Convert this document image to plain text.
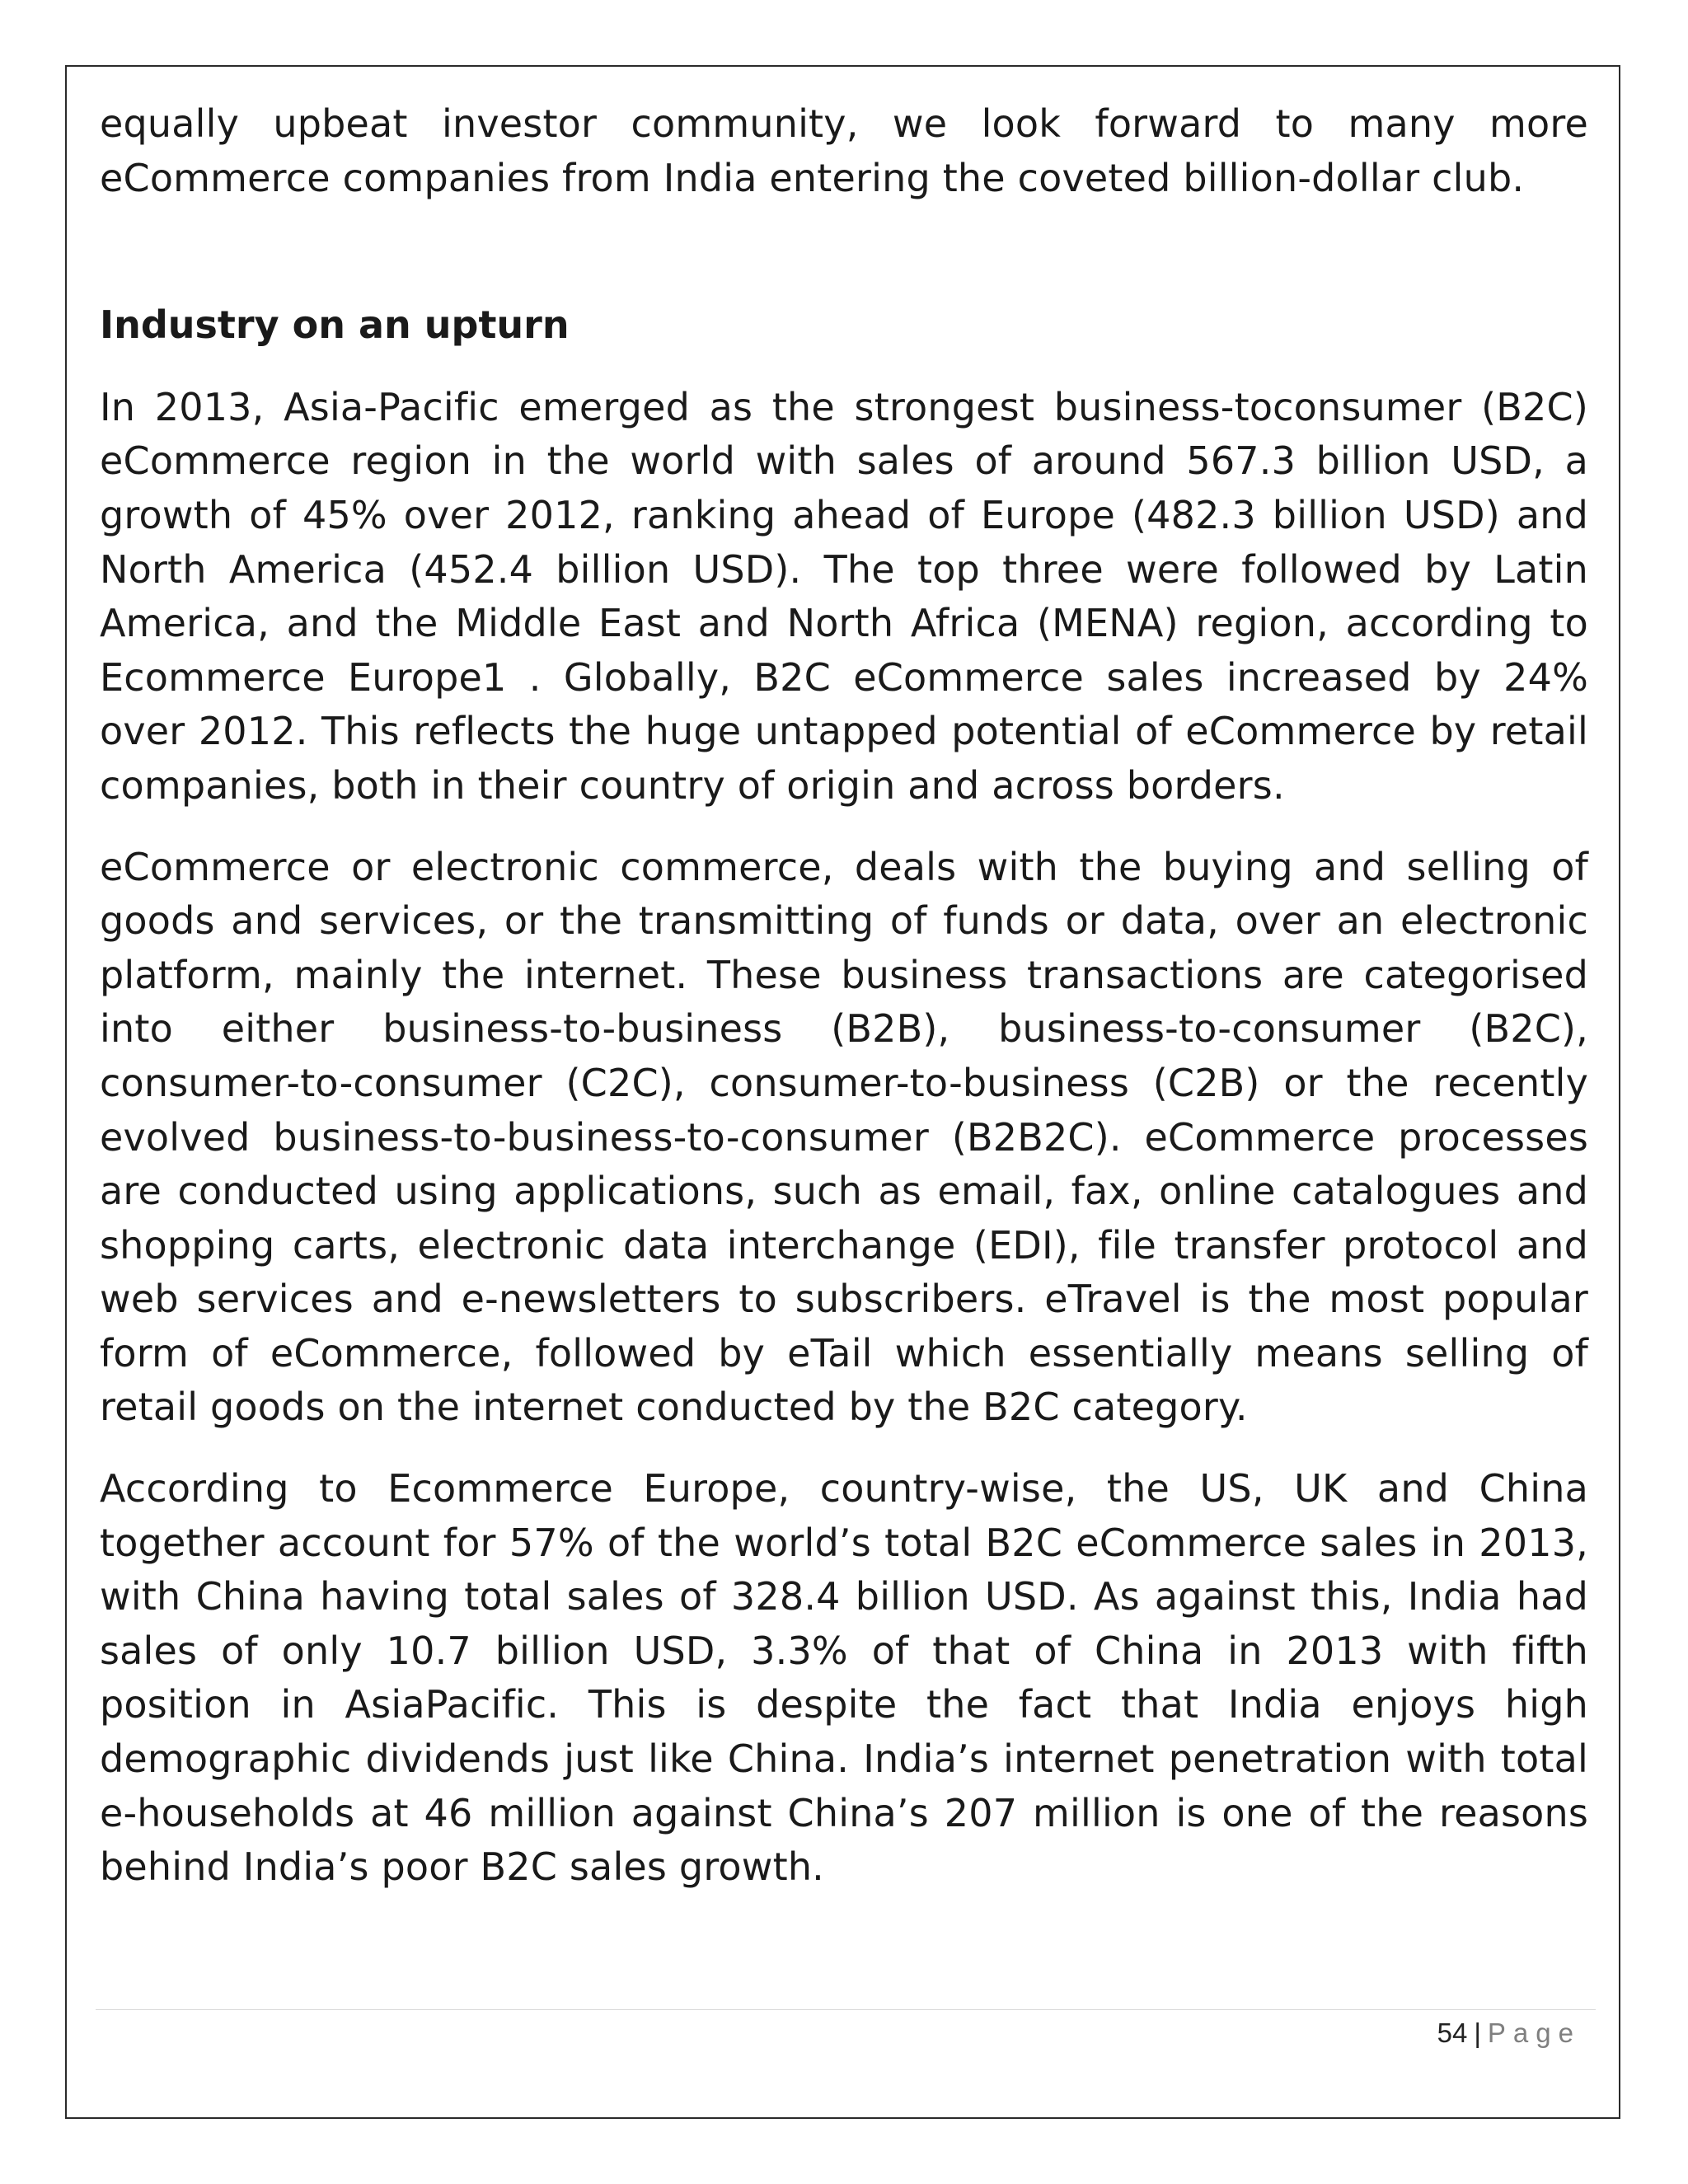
equally upbeat investor community, we look forward to many more eCommerce companies from India entering the coveted billion-dollar club.

Industry on an upturn

In 2013, Asia-Pacific emerged as the strongest business-toconsumer (B2C) eCommerce region in the world with sales of around 567.3 billion USD, a growth of 45% over 2012, ranking ahead of Europe (482.3 billion USD) and North America (452.4 billion USD). The top three were followed by Latin America, and the Middle East and North Africa (MENA) region, according to Ecommerce Europe1 . Globally, B2C eCommerce sales increased by 24% over 2012. This reflects the huge untapped potential of eCommerce by retail companies, both in their country of origin and across borders.

eCommerce or electronic commerce, deals with the buying and selling of goods and services, or the transmitting of funds or data, over an electronic platform, mainly the internet. These business transactions are categorised into either business-to-business (B2B), business-to-consumer (B2C), consumer-to-consumer (C2C), consumer-to-business (C2B) or the recently evolved business-to-business-to-consumer (B2B2C). eCommerce processes are conducted using applications, such as email, fax, online catalogues and shopping carts, electronic data interchange (EDI), file transfer protocol and web services and e-newsletters to subscribers. eTravel is the most popular form of eCommerce, followed by eTail which essentially means selling of retail goods on the internet conducted by the B2C category.

According to Ecommerce Europe, country-wise, the US, UK and China together account for 57% of the world’s total B2C eCommerce sales in 2013, with China having total sales of 328.4 billion USD. As against this, India had sales of only 10.7 billion USD, 3.3% of that of China in 2013 with fifth position in AsiaPacific. This is despite the fact that India enjoys high demographic dividends just like China. India’s internet penetration with total e-households at 46 million against China’s 207 million is one of the reasons behind India’s poor B2C sales growth.

54 | Page
